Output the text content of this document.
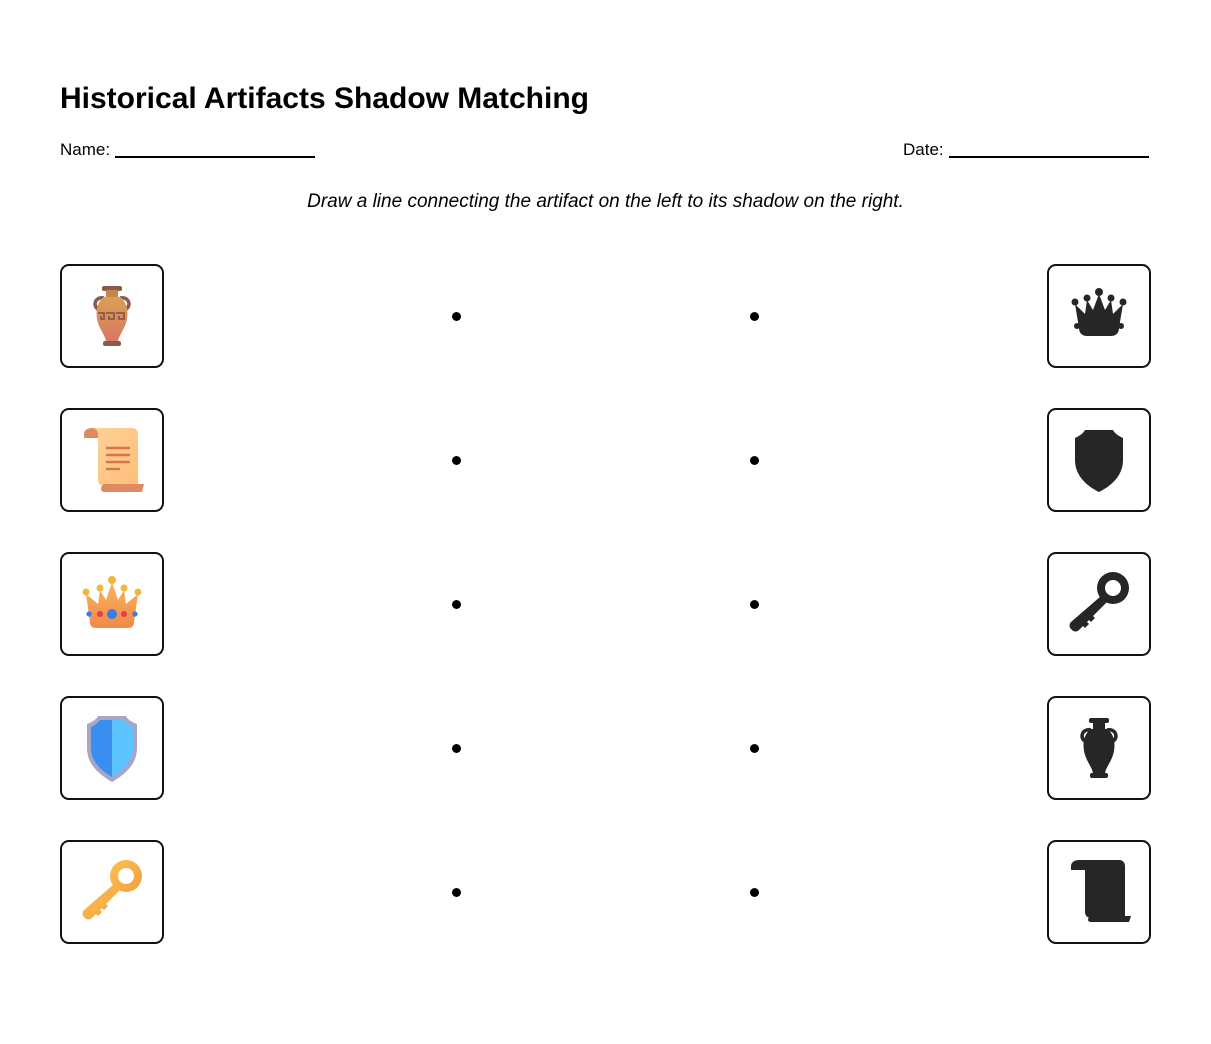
Historical Artifacts Shadow Matching
Name:	Date:
Draw a line connecting the artifact on the left to its shadow on the right.
